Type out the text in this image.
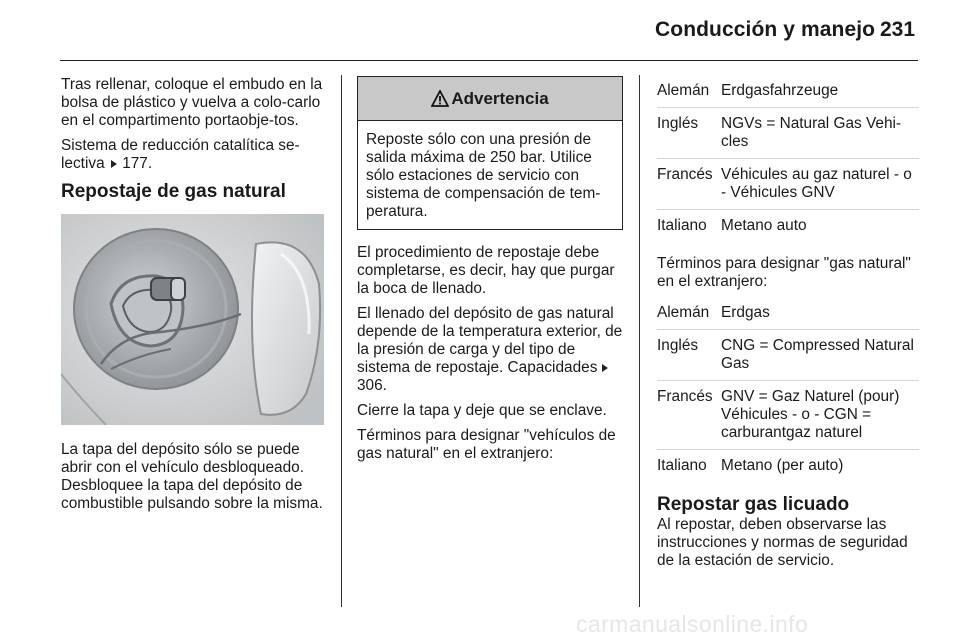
Conducción y manejo 231

Tras rellenar, coloque el embudo en la bolsa de plástico y vuelva a colo-carlo en el compartimento portaobje-tos.

Sistema de reducción catalítica se-lectiva 177.

Repostaje de gas natural

La tapa del depósito sólo se puede abrir con el vehículo desbloqueado. Desbloquee la tapa del depósito de combustible pulsando sobre la misma.

Advertencia
Reposte sólo con una presión de salida máxima de 250 bar. Utilice sólo estaciones de servicio con sistema de compensación de tem-peratura.

El procedimiento de repostaje debe completarse, es decir, hay que purgar la boca de llenado.

El llenado del depósito de gas natural depende de la temperatura exterior, de la presión de carga y del tipo de sistema de repostaje. Capacidades  306.

Cierre la tapa y deje que se enclave.

Términos para designar "vehículos de gas natural" en el extranjero:

Alemán Erdgasfahrzeuge
Inglés	NGVs = Natural Gas Vehi-cles
Francés Véhicules au gaz naturel - o - Véhicules GNV
Italiano Metano auto

Términos para designar "gas natural" en el extranjero:

Alemán Erdgas
Inglés	CNG = Compressed Natural Gas
Francés GNV = Gaz Naturel (pour) Véhicules - o - CGN = carburantgaz naturel
Italiano Metano (per auto)
Repostar gas licuado

Al repostar, deben observarse las instrucciones y normas de seguridad de la estación de servicio.

carmanualsonline.info
